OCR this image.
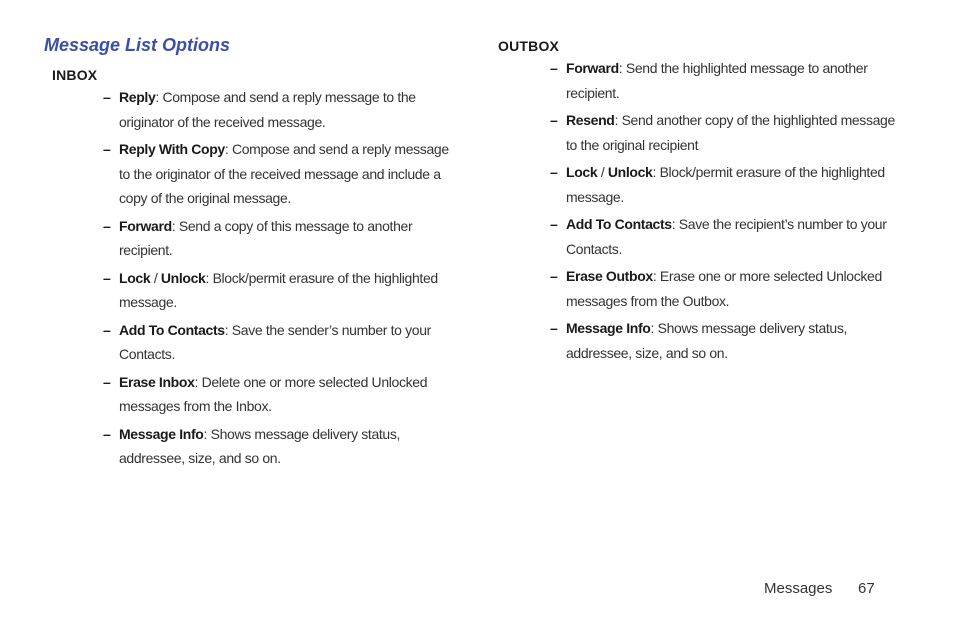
Message List Options
INBOX
– Reply: Compose and send a reply message to the originator of the received message.
– Reply With Copy: Compose and send a reply message to the originator of the received message and include a copy of the original message.
– Forward: Send a copy of this message to another recipient.
– Lock / Unlock: Block/permit erasure of the highlighted message.
– Add To Contacts: Save the sender’s number to your Contacts.
– Erase Inbox: Delete one or more selected Unlocked messages from the Inbox.
– Message Info: Shows message delivery status, addressee, size, and so on.
OUTBOX
– Forward: Send the highlighted message to another recipient.
– Resend: Send another copy of the highlighted message to the original recipient
– Lock / Unlock: Block/permit erasure of the highlighted message.
– Add To Contacts: Save the recipient’s number to your Contacts.
– Erase Outbox: Erase one or more selected Unlocked messages from the Outbox.
– Message Info: Shows message delivery status, addressee, size, and so on.
Messages 67
